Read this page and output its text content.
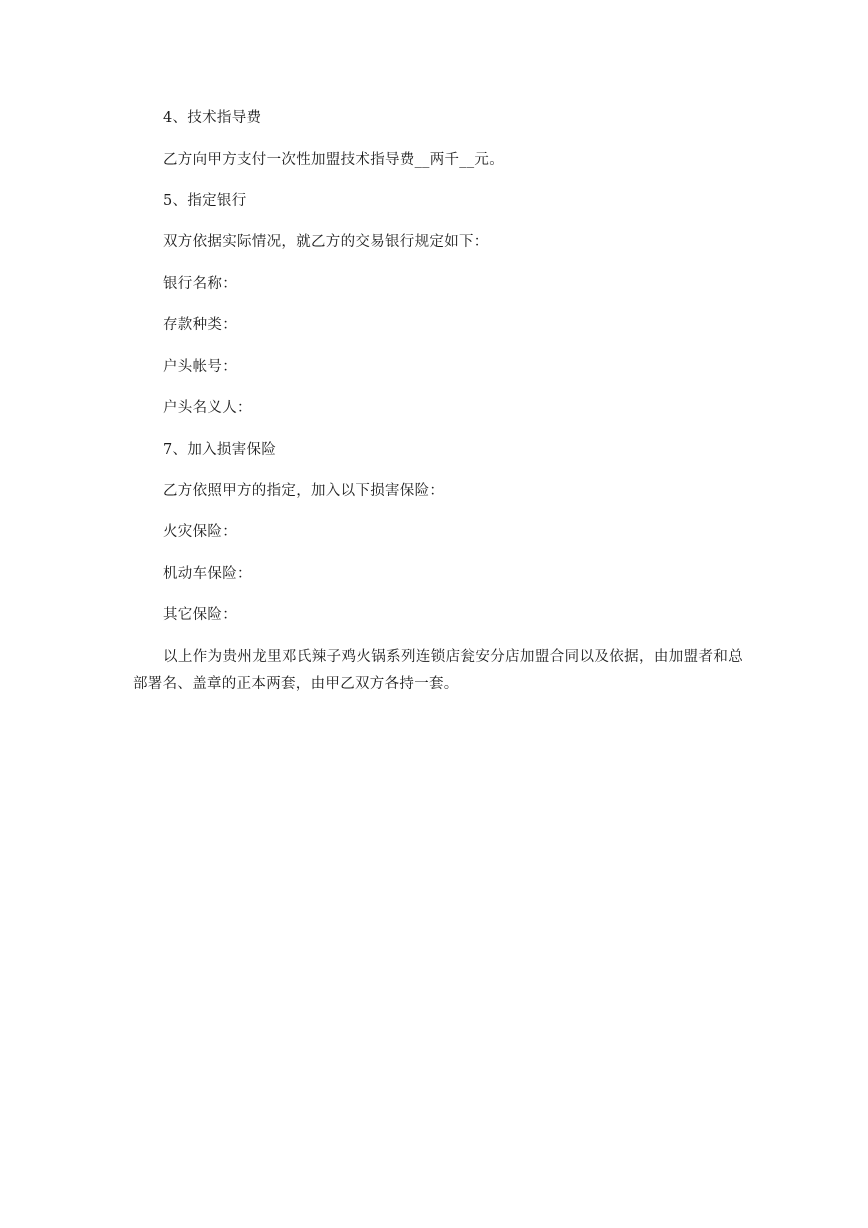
4、技术指导费
乙方向甲方支付一次性加盟技术指导费__两千__元。
5、指定银行
双方依据实际情况，就乙方的交易银行规定如下：
银行名称：
存款种类：
户头帐号：
户头名义人：
7、加入损害保险
乙方依照甲方的指定，加入以下损害保险：
火灾保险：
机动车保险：
其它保险：
以上作为贵州龙里邓氏辣子鸡火锅系列连锁店瓮安分店加盟合同以及依据，由加盟者和总部署名、盖章的正本两套，由甲乙双方各持一套。
